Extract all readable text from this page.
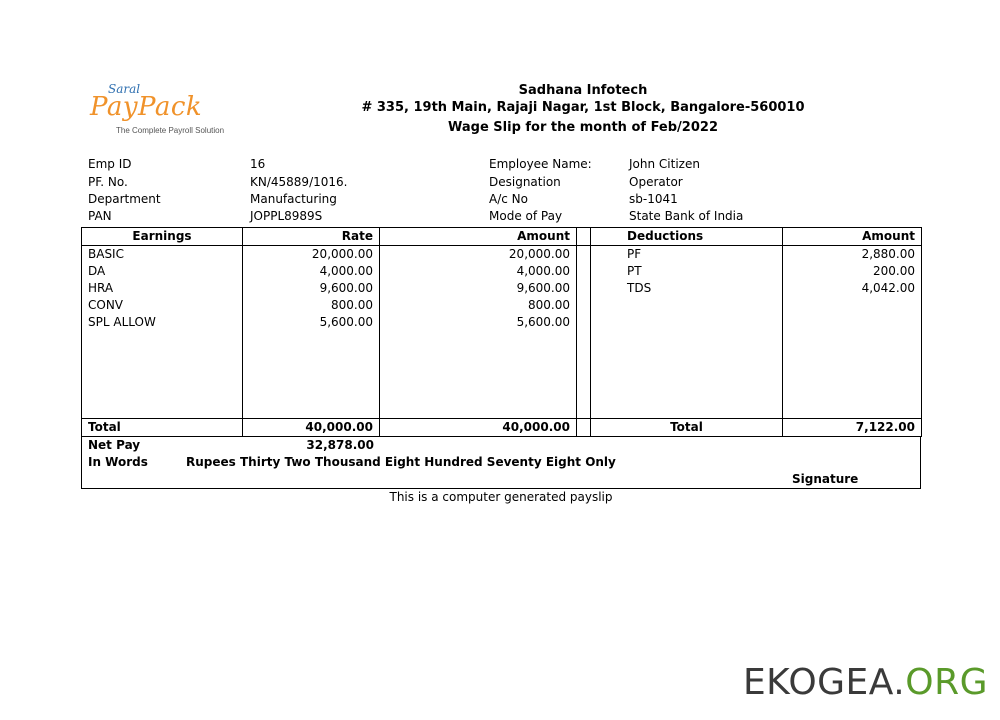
Saral
PayPack
The Complete Payroll Solution
Sadhana Infotech
# 335, 19th Main, Rajaji Nagar, 1st Block, Bangalore-560010
Wage Slip for the month of Feb/2022
Emp ID	16
PF. No.	KN/45889/1016.
Department	Manufacturing
PAN	JOPPL8989S
Employee Name:	John Citizen
Designation	Operator
A/c No	sb-1041
Mode of Pay	State Bank of India
Earnings	Rate	Amount		Deductions	Amount
BASIC	20,000.00	20,000.00		PF	2,880.00
DA	4,000.00	4,000.00		PT	200.00
HRA	9,600.00	9,600.00		TDS	4,042.00
CONV	800.00	800.00			
SPL ALLOW	5,600.00	5,600.00			

Total	40,000.00	40,000.00		Total	7,122.00
Net Pay	32,878.00
In Words	Rupees Thirty Two Thousand Eight Hundred Seventy Eight Only
Signature
This is a computer generated payslip
EKOGEA.ORG
